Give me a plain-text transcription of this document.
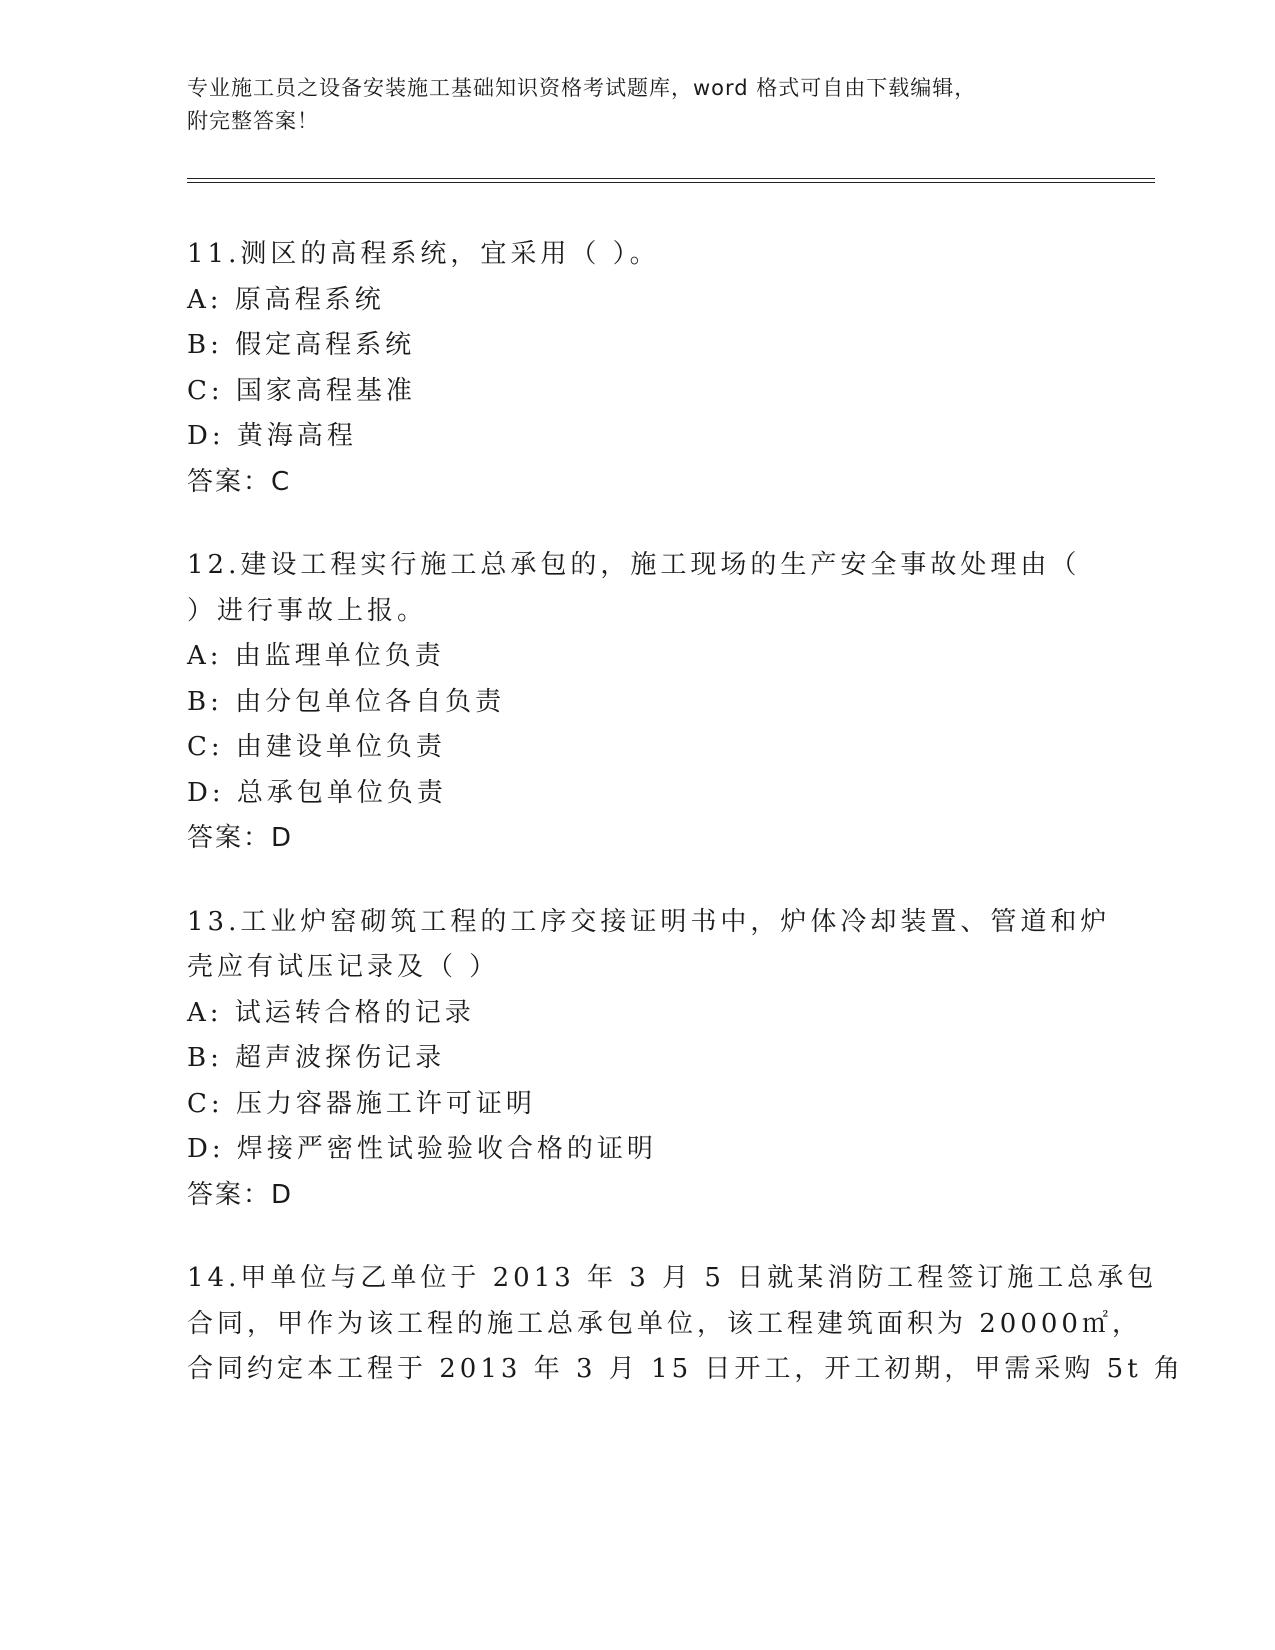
专业施工员之设备安装施工基础知识资格考试题库，word 格式可自由下载编辑，
附完整答案！
11.测区的高程系统，宜采用（ ）。
A: 原高程系统
B: 假定高程系统
C: 国家高程基准
D: 黄海高程
答案：C
12.建设工程实行施工总承包的，施工现场的生产安全事故处理由（
）进行事故上报。
A: 由监理单位负责
B: 由分包单位各自负责
C: 由建设单位负责
D: 总承包单位负责
答案：D
13.工业炉窑砌筑工程的工序交接证明书中，炉体冷却装置、管道和炉
壳应有试压记录及（ ）
A: 试运转合格的记录
B: 超声波探伤记录
C: 压力容器施工许可证明
D: 焊接严密性试验验收合格的证明
答案：D
14.甲单位与乙单位于 2013 年 3 月 5 日就某消防工程签订施工总承包
合同，甲作为该工程的施工总承包单位，该工程建筑面积为 20000㎡，
合同约定本工程于 2013 年 3 月 15 日开工，开工初期，甲需采购 5t 角
